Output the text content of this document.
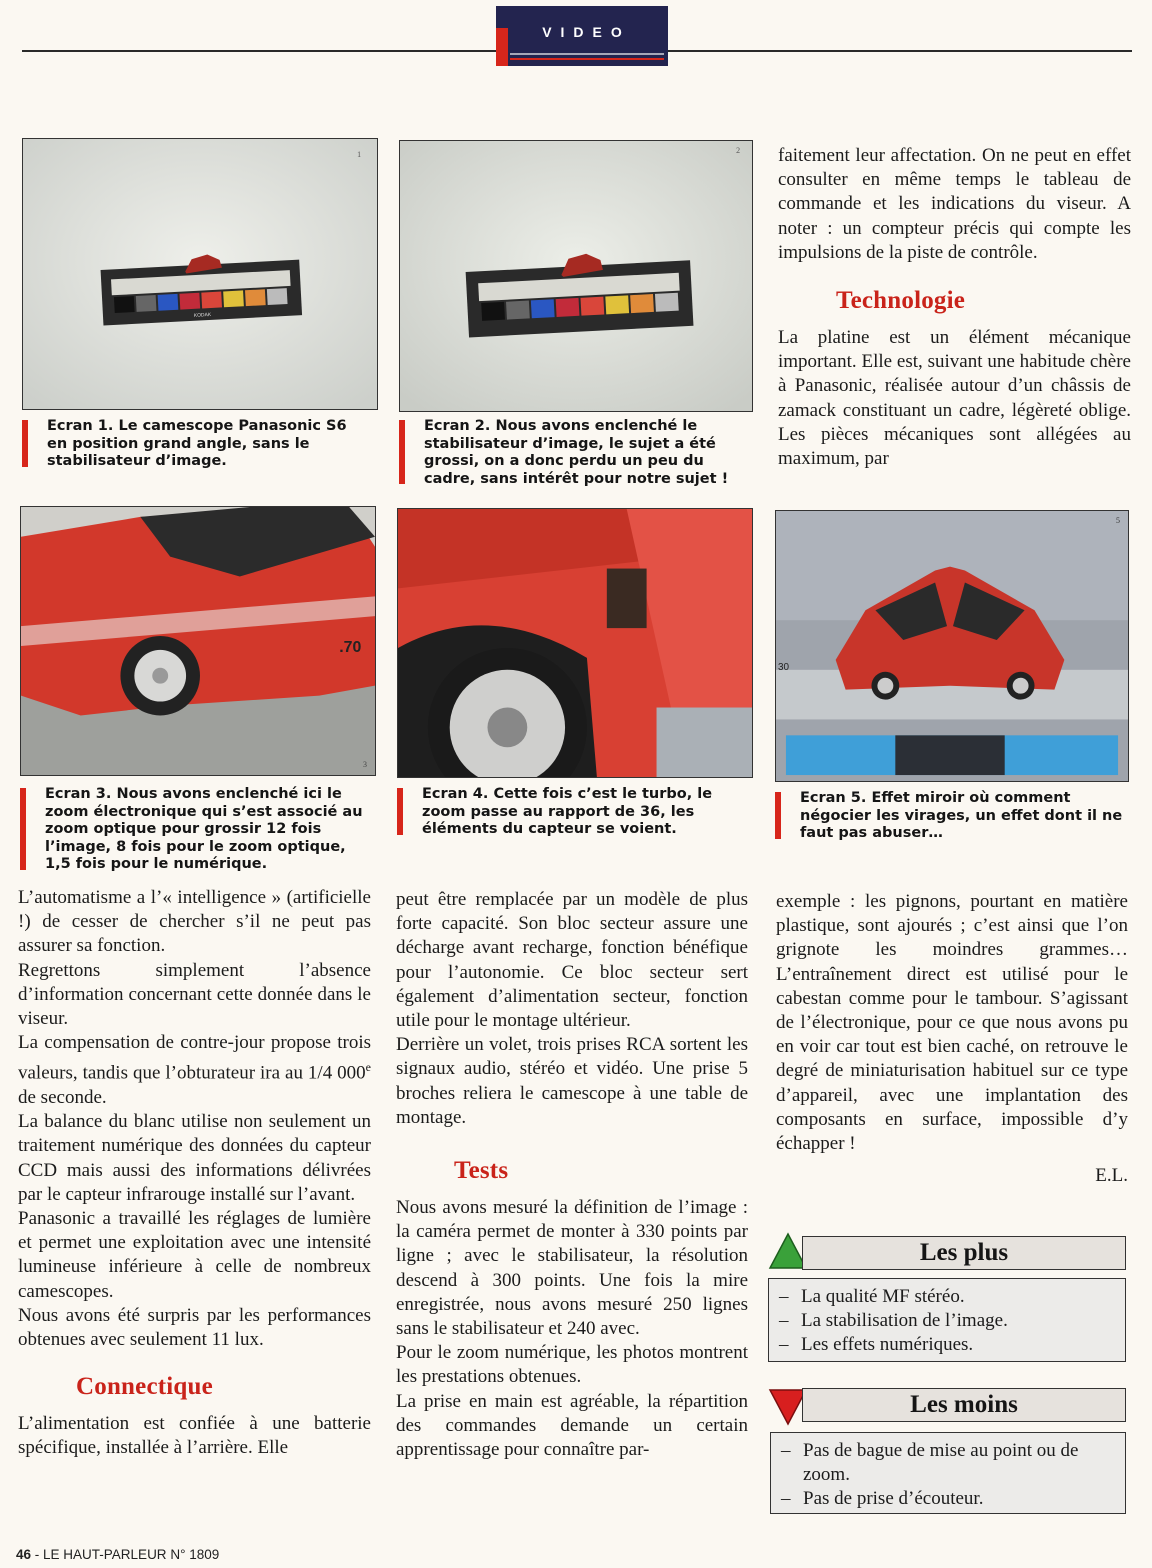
VIDEO
KODAK
1
Ecran 1. Le camescope Panasonic S6 en position grand angle, sans le stabilisateur d’image.
2
Ecran 2. Nous avons enclenché le stabilisateur d’image, le sujet a été grossi, on a donc perdu un peu du cadre, sans intérêt pour notre sujet !
.70
3
Ecran 3. Nous avons enclenché ici le zoom électronique qui s’est associé au zoom optique pour grossir 12 fois l’image, 8 fois pour le zoom optique, 1,5 fois pour le numérique.
Ecran 4. Cette fois c’est le turbo, le zoom passe au rapport de 36, les éléments du capteur se voient.
30
5
Ecran 5. Effet miroir où comment négocier les virages, un effet dont il ne faut pas abuser…

faitement leur affectation. On ne peut en effet consulter en même temps le tableau de commande et les indications du viseur. A noter : un compteur précis qui compte les impulsions de la piste de contrôle.

Technologie

La platine est un élément mécanique important. Elle est, suivant une habitude chère à Panasonic, réalisée autour d’un châssis de zamack constituant un cadre, légèreté oblige. Les pièces mécaniques sont allégées au maximum, par

L’automatisme a l’« intelligence » (artificielle !) de cesser de chercher s’il ne peut pas assurer sa fonction.

Regrettons simplement l’absence d’information concernant cette donnée dans le viseur.

La compensation de contre-jour propose trois valeurs, tandis que l’obturateur ira au 1/4 000e de seconde.

La balance du blanc utilise non seulement un traitement numérique des données du capteur CCD mais aussi des informations délivrées par le capteur infrarouge installé sur l’avant.

Panasonic a travaillé les réglages de lumière et permet une exploitation avec une intensité lumineuse inférieure à celle de nombreux camescopes.

Nous avons été surpris par les performances obtenues avec seulement 11 lux.

Connectique

L’alimentation est confiée à une batterie spécifique, installée à l’arrière. Elle

peut être remplacée par un modèle de plus forte capacité. Son bloc secteur assure une décharge avant recharge, fonction bénéfique pour l’autonomie. Ce bloc secteur sert également d’alimentation secteur, fonction utile pour le montage ultérieur.

Derrière un volet, trois prises RCA sortent les signaux audio, stéréo et vidéo. Une prise 5 broches reliera le camescope à une table de montage.

Tests

Nous avons mesuré la définition de l’image : la caméra permet de monter à 330 points par ligne ; avec le stabilisateur, la résolution descend à 300 points. Une fois la mire enregistrée, nous avons mesuré 250 lignes sans le stabilisateur et 240 avec.

Pour le zoom numérique, les photos montrent les prestations obtenues.

La prise en main est agréable, la répartition des commandes demande un certain apprentissage pour connaître par-

exemple : les pignons, pourtant en matière plastique, sont ajourés ; c’est ainsi que l’on grignote les moindres grammes… L’entraînement direct est utilisé pour le cabestan comme pour le tambour. S’agissant de l’électronique, pour ce que nous avons pu en voir car tout est bien caché, on retrouve le degré de miniaturisation habituel sur ce type d’appareil, avec une implantation des composants en surface, impossible d’y échapper !

E.L.

Les plus
– La qualité MF stéréo.
– La stabilisation de l’image.
– Les effets numériques.
Les moins
– Pas de bague de mise au point ou de zoom.
– Pas de prise d’écouteur.
46 - LE HAUT-PARLEUR N° 1809
